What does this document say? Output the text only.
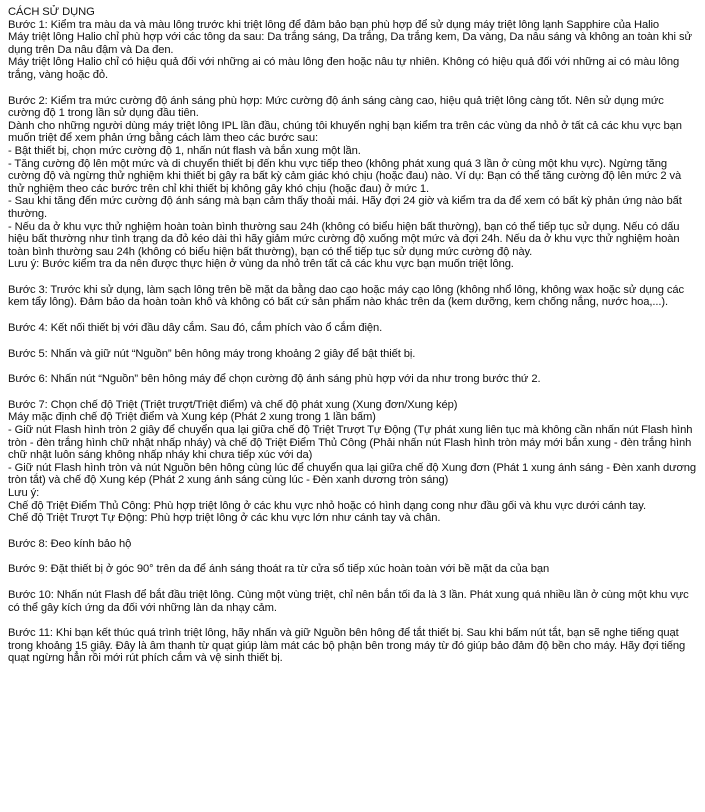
CÁCH SỬ DỤNG

Bước 1: Kiểm tra màu da và màu lông trước khi triệt lông để đảm bảo bạn phù hợp để sử dụng máy triệt lông lạnh Sapphire của Halio

Máy triệt lông Halio chỉ phù hợp với các tông da sau: Da trắng sáng, Da trắng, Da trắng kem, Da vàng, Da nâu sáng và không an toàn khi sử dụng trên Da nâu đậm và Da đen.

Máy triệt lông Halio chỉ có hiệu quả đối với những ai có màu lông đen hoặc nâu tự nhiên. Không có hiệu quả đối với những ai có màu lông trắng, vàng hoặc đỏ.

Bước 2: Kiểm tra mức cường độ ánh sáng phù hợp: Mức cường độ ánh sáng càng cao, hiệu quả triệt lông càng tốt. Nên sử dụng mức cường độ 1 trong lần sử dụng đầu tiên.

Dành cho những người dùng máy triệt lông IPL lần đầu, chúng tôi khuyến nghị bạn kiểm tra trên các vùng da nhỏ ở tất cả các khu vực bạn muốn triệt để xem phản ứng bằng cách làm theo các bước sau:

- Bật thiết bị, chọn mức cường độ 1, nhấn nút flash và bắn xung một lần.

- Tăng cường độ lên một mức và di chuyển thiết bị đến khu vực tiếp theo (không phát xung quá 3 lần ở cùng một khu vực). Ngừng tăng cường độ và ngừng thử nghiệm khi thiết bị gây ra bất kỳ cảm giác khó chịu (hoặc đau) nào. Ví dụ: Bạn có thể tăng cường độ lên mức 2 và thử nghiệm theo các bước trên chỉ khi thiết bị không gây khó chịu (hoặc đau) ở mức 1.

- Sau khi tăng đến mức cường độ ánh sáng mà bạn cảm thấy thoải mái. Hãy đợi 24 giờ và kiểm tra da để xem có bất kỳ phản ứng nào bất thường.

- Nếu da ở khu vực thử nghiệm hoàn toàn bình thường sau 24h (không có biểu hiện bất thường), bạn có thể tiếp tục sử dụng. Nếu có dấu hiệu bất thường như tình trạng da đỏ kéo dài thì hãy giảm mức cường độ xuống một mức và đợi 24h. Nếu da ở khu vực thử nghiệm hoàn toàn bình thường sau 24h (không có biểu hiện bất thường), bạn có thể tiếp tục sử dụng mức cường độ này.

Lưu ý: Bước kiểm tra da nên được thực hiện ở vùng da nhỏ trên tất cả các khu vực bạn muốn triệt lông.

Bước 3: Trước khi sử dụng, làm sạch lông trên bề mặt da bằng dao cạo hoặc máy cạo lông (không nhổ lông, không wax hoặc sử dụng các kem tẩy lông). Đảm bảo da hoàn toàn khô và không có bất cứ sản phẩm nào khác trên da (kem dưỡng, kem chống nắng, nước hoa,...).

Bước 4: Kết nối thiết bị với đầu dây cắm. Sau đó, cắm phích vào ổ cắm điện.

Bước 5: Nhấn và giữ nút “Nguồn” bên hông máy trong khoảng 2 giây để bật thiết bị.

Bước 6: Nhấn nút “Nguồn” bên hông máy để chọn cường độ ánh sáng phù hợp với da như trong bước thứ 2.

Bước 7: Chọn chế độ Triệt (Triệt trượt/Triệt điểm) và chế độ phát xung (Xung đơn/Xung kép)

Máy mặc định chế độ Triệt điểm và Xung kép (Phát 2 xung trong 1 lần bấm)

- Giữ nút Flash hình tròn 2 giây để chuyển qua lại giữa chế độ Triệt Trượt Tự Động (Tự phát xung liên tục mà không cần nhấn nút Flash hình tròn - đèn trắng hình chữ nhật nhấp nháy) và chế độ Triệt Điểm Thủ Công (Phải nhấn nút Flash hình tròn máy mới bắn xung - đèn trắng hình chữ nhật luôn sáng không nhấp nháy khi chưa tiếp xúc với da)

- Giữ nút Flash hình tròn và nút Nguồn bên hông cùng lúc để chuyển qua lại giữa chế độ Xung đơn (Phát 1 xung ánh sáng - Đèn xanh dương tròn tắt) và chế độ Xung kép (Phát 2 xung ánh sáng cùng lúc - Đèn xanh dương tròn sáng)

Lưu ý:

Chế độ Triệt Điểm Thủ Công: Phù hợp triệt lông ở các khu vực nhỏ hoặc có hình dạng cong như đầu gối và khu vực dưới cánh tay.

Chế độ Triệt Trượt Tự Động: Phù hợp triệt lông ở các khu vực lớn như cánh tay và chân.

Bước 8: Đeo kính bảo hộ

Bước 9: Đặt thiết bị ở góc 90° trên da để ánh sáng thoát ra từ cửa sổ tiếp xúc hoàn toàn với bề mặt da của bạn

Bước 10: Nhấn nút Flash để bắt đầu triệt lông. Cùng một vùng triệt, chỉ nên bắn tối đa là 3 lần. Phát xung quá nhiều lần ở cùng một khu vực có thể gây kích ứng da đối với những làn da nhạy cảm.

Bước 11: Khi bạn kết thúc quá trình triệt lông, hãy nhấn và giữ Nguồn bên hông để tắt thiết bị. Sau khi bấm nút tắt, bạn sẽ nghe tiếng quạt trong khoảng 15 giây. Đây là âm thanh từ quạt giúp làm mát các bộ phận bên trong máy từ đó giúp bảo đảm độ bền cho máy. Hãy đợi tiếng quạt ngừng hẳn rồi mới rút phích cắm và vệ sinh thiết bị.
